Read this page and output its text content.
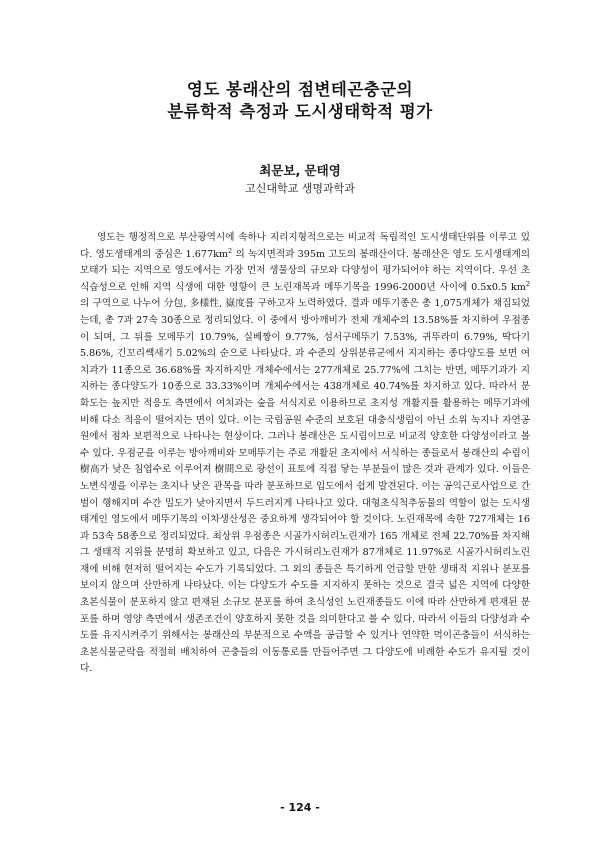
영도 봉래산의 점변테곤충군의
분류학적 측정과 도시생태학적 평가
최문보, 문태영
고신대학교 생명과학과

영도는 행정적으로 부산광역시에 속하나 지리지형적으로는 비교적 독립적인 도시생태단위를 이루고 있다. 영도생태계의 중심은 $1.677km^2$ 의 녹지면적과 395m 고도의 봉래산이다. 봉래산은 영도 도시생태계의 모태가 되는 지역으로 영도에서는 가장 먼저 생물상의 규모와 다양성이 평가되어야 하는 지역이다. 우선 초식습성으로 인해 지역 식생에 대한 영향이 큰 노린재목과 메뚜기목을 1996-2000년 사이에 0.5x0.5 $km^2$ 의 구역으로 나누어 分包, 多樣性, 嶽度를 구하고자 노력하였다. 결과 메뚜기종은 총 1,075개체가 채집되었는데, 총 7과 27속 30종으로 정리되었다. 이 중에서 방아깨비가 전체 개체수의 13.58%를 차지하여 우점종이 되며, 그 뒤를 모메뚜기 10.79%, 실베짱이 9.77%, 섬서구메뚜기 7.53%, 귀뚜라미 6.79%, 딱다기 5.86%, 긴꼬리쌕새기 5.02%의 순으로 나타났다. 과 수준의 상위분류군에서 지지하는 종다양도를 보면 여치과가 11종으로 36.68%를 차지하지만 개체수에서는 277개체로 25.77%에 그치는 반면, 메뚜기과가 지지하는 종다양도가 10종으로 33.33%이며 개체수에서는 438개체로 40.74%를 차지하고 있다. 따라서 분화도는 높지만 적응도 측면에서 여치과는 숲을 서식지로 이용하므로 초지성 개활지를 활용하는 메뚜기과에 비해 다소 적응이 떨어지는 면이 있다. 이는 국립공원 수준의 보호된 대충식생림이 아닌 소위 녹지나 자연공원에서 점차 보편적으로 나타나는 현상이다. 그러나 봉래산은 도시림이므로 비교적 양호한 다양성이라고 볼 수 있다. 우점군을 이루는 방아깨비와 모메뚜기는 주로 개활된 초지에서 서식하는 종들로서 봉래산의 수림이 樹高가 낮은 침엽수로 이루어져 樹間으로 광선이 표토에 직접 닿는 부분들이 많은 것과 관계가 있다. 이들은 노변식생을 이루는 초지나 낮은 관목을 따라 분포하므로 입도에서 쉽게 발견된다. 이는 공익근로사업으로 간벌이 행해지며 수간 밀도가 낮아지면서 두드러지게 나타나고 있다. 대형초식척추동물의 역할이 없는 도시생태계인 영도에서 메뚜기목의 이차생산성은 중요하게 생각되어야 할 것이다. 노린재목에 속한 727개체는 16과 53속 58종으로 정리되었다. 최상위 우점종은 시골가시허리노린재가 165 개체로 전체 22.70%를 차지해 그 생태적 지위를 분명히 확보하고 있고, 다음은 가시허리노린재가 87개체로 11.97%로 시골가시허리노린재에 비해 현저히 떨어지는 수도가 기록되었다. 그 외의 종들은 특기하게 언급할 만한 생태적 지위나 분포를 보이지 않으며 산만하게 나타났다. 이는 다양도가 수도를 지지하지 못하는 것으로 결국 넓은 지역에 다양한 초본식물이 분포하지 않고 편재된 소규모 분포를 하여 초식성인 노린재종들도 이에 따라 산만하게 편재된 분포를 하며 영양 측면에서 생존조건이 양호하지 못한 것을 의미한다고 볼 수 있다. 따라서 이들의 다양성과 수도를 유지시켜주기 위해서는 봉래산의 부분적으로 수액을 공급할 수 있거나 연약한 먹이곤충들이 서식하는 초본식물군락을 적절히 배치하여 곤충들의 이동통로를 만들어주면 그 다양도에 비례한 수도가 유지될 것이다.

- 124 -
